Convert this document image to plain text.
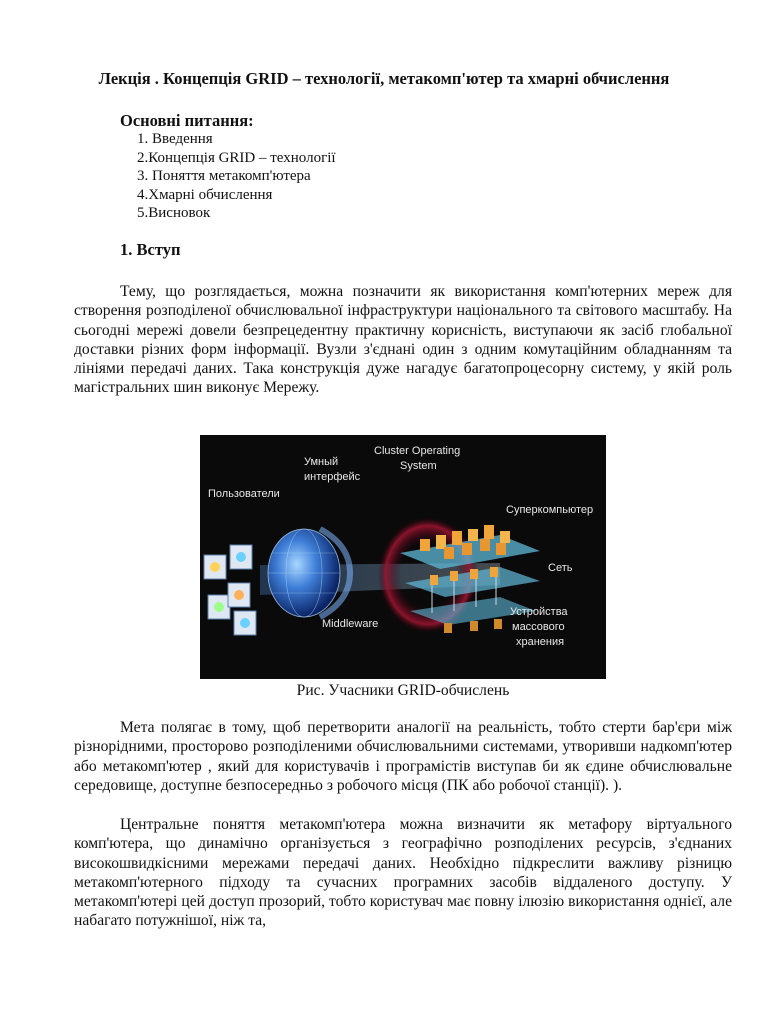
Лекція . Концепція GRID – технології, метакомп'ютер та хмарні обчислення
Основні питання:
1. Введення
2.Концепція GRID – технології
3. Поняття метакомп'ютера
4.Хмарні обчислення
5.Висновок
1. Вступ

Тему, що розглядається, можна позначити як використання комп'ютерних мереж для створення розподіленої обчислювальної інфраструктури національного та світового масштабу. На сьогодні мережі довели безпрецедентну практичну корисність, виступаючи як засіб глобальної доставки різних форм інформації. Вузли з'єднані один з одним комутаційним обладнанням та лініями передачі даних. Така конструкція дуже нагадує багатопроцесорну систему, у якій роль магістральних шин виконує Мережу.

Пользователи
Умный
интерфейс
Cluster Operating
System
Суперкомпьютер
Сеть
Middleware
Устройства
массового
хранения

Рис. Учасники GRID-обчислень

Мета полягає в тому, щоб перетворити аналогії на реальність, тобто стерти бар'єри між різнорідними, просторово розподіленими обчислювальними системами, утворивши надкомп'ютер або метакомп'ютер , який для користувачів і програмістів виступав би як єдине обчислювальне середовище, доступне безпосередньо з робочого місця (ПК або робочої станції). ).

Центральне поняття метакомп'ютера можна визначити як метафору віртуального комп'ютера, що динамічно організується з географічно розподілених ресурсів, з'єднаних високошвидкісними мережами передачі даних. Необхідно підкреслити важливу різницю метакомп'ютерного підходу та сучасних програмних засобів віддаленого доступу. У метакомп'ютері цей доступ прозорий, тобто користувач має повну ілюзію використання однієї, але набагато потужнішої, ніж та,
